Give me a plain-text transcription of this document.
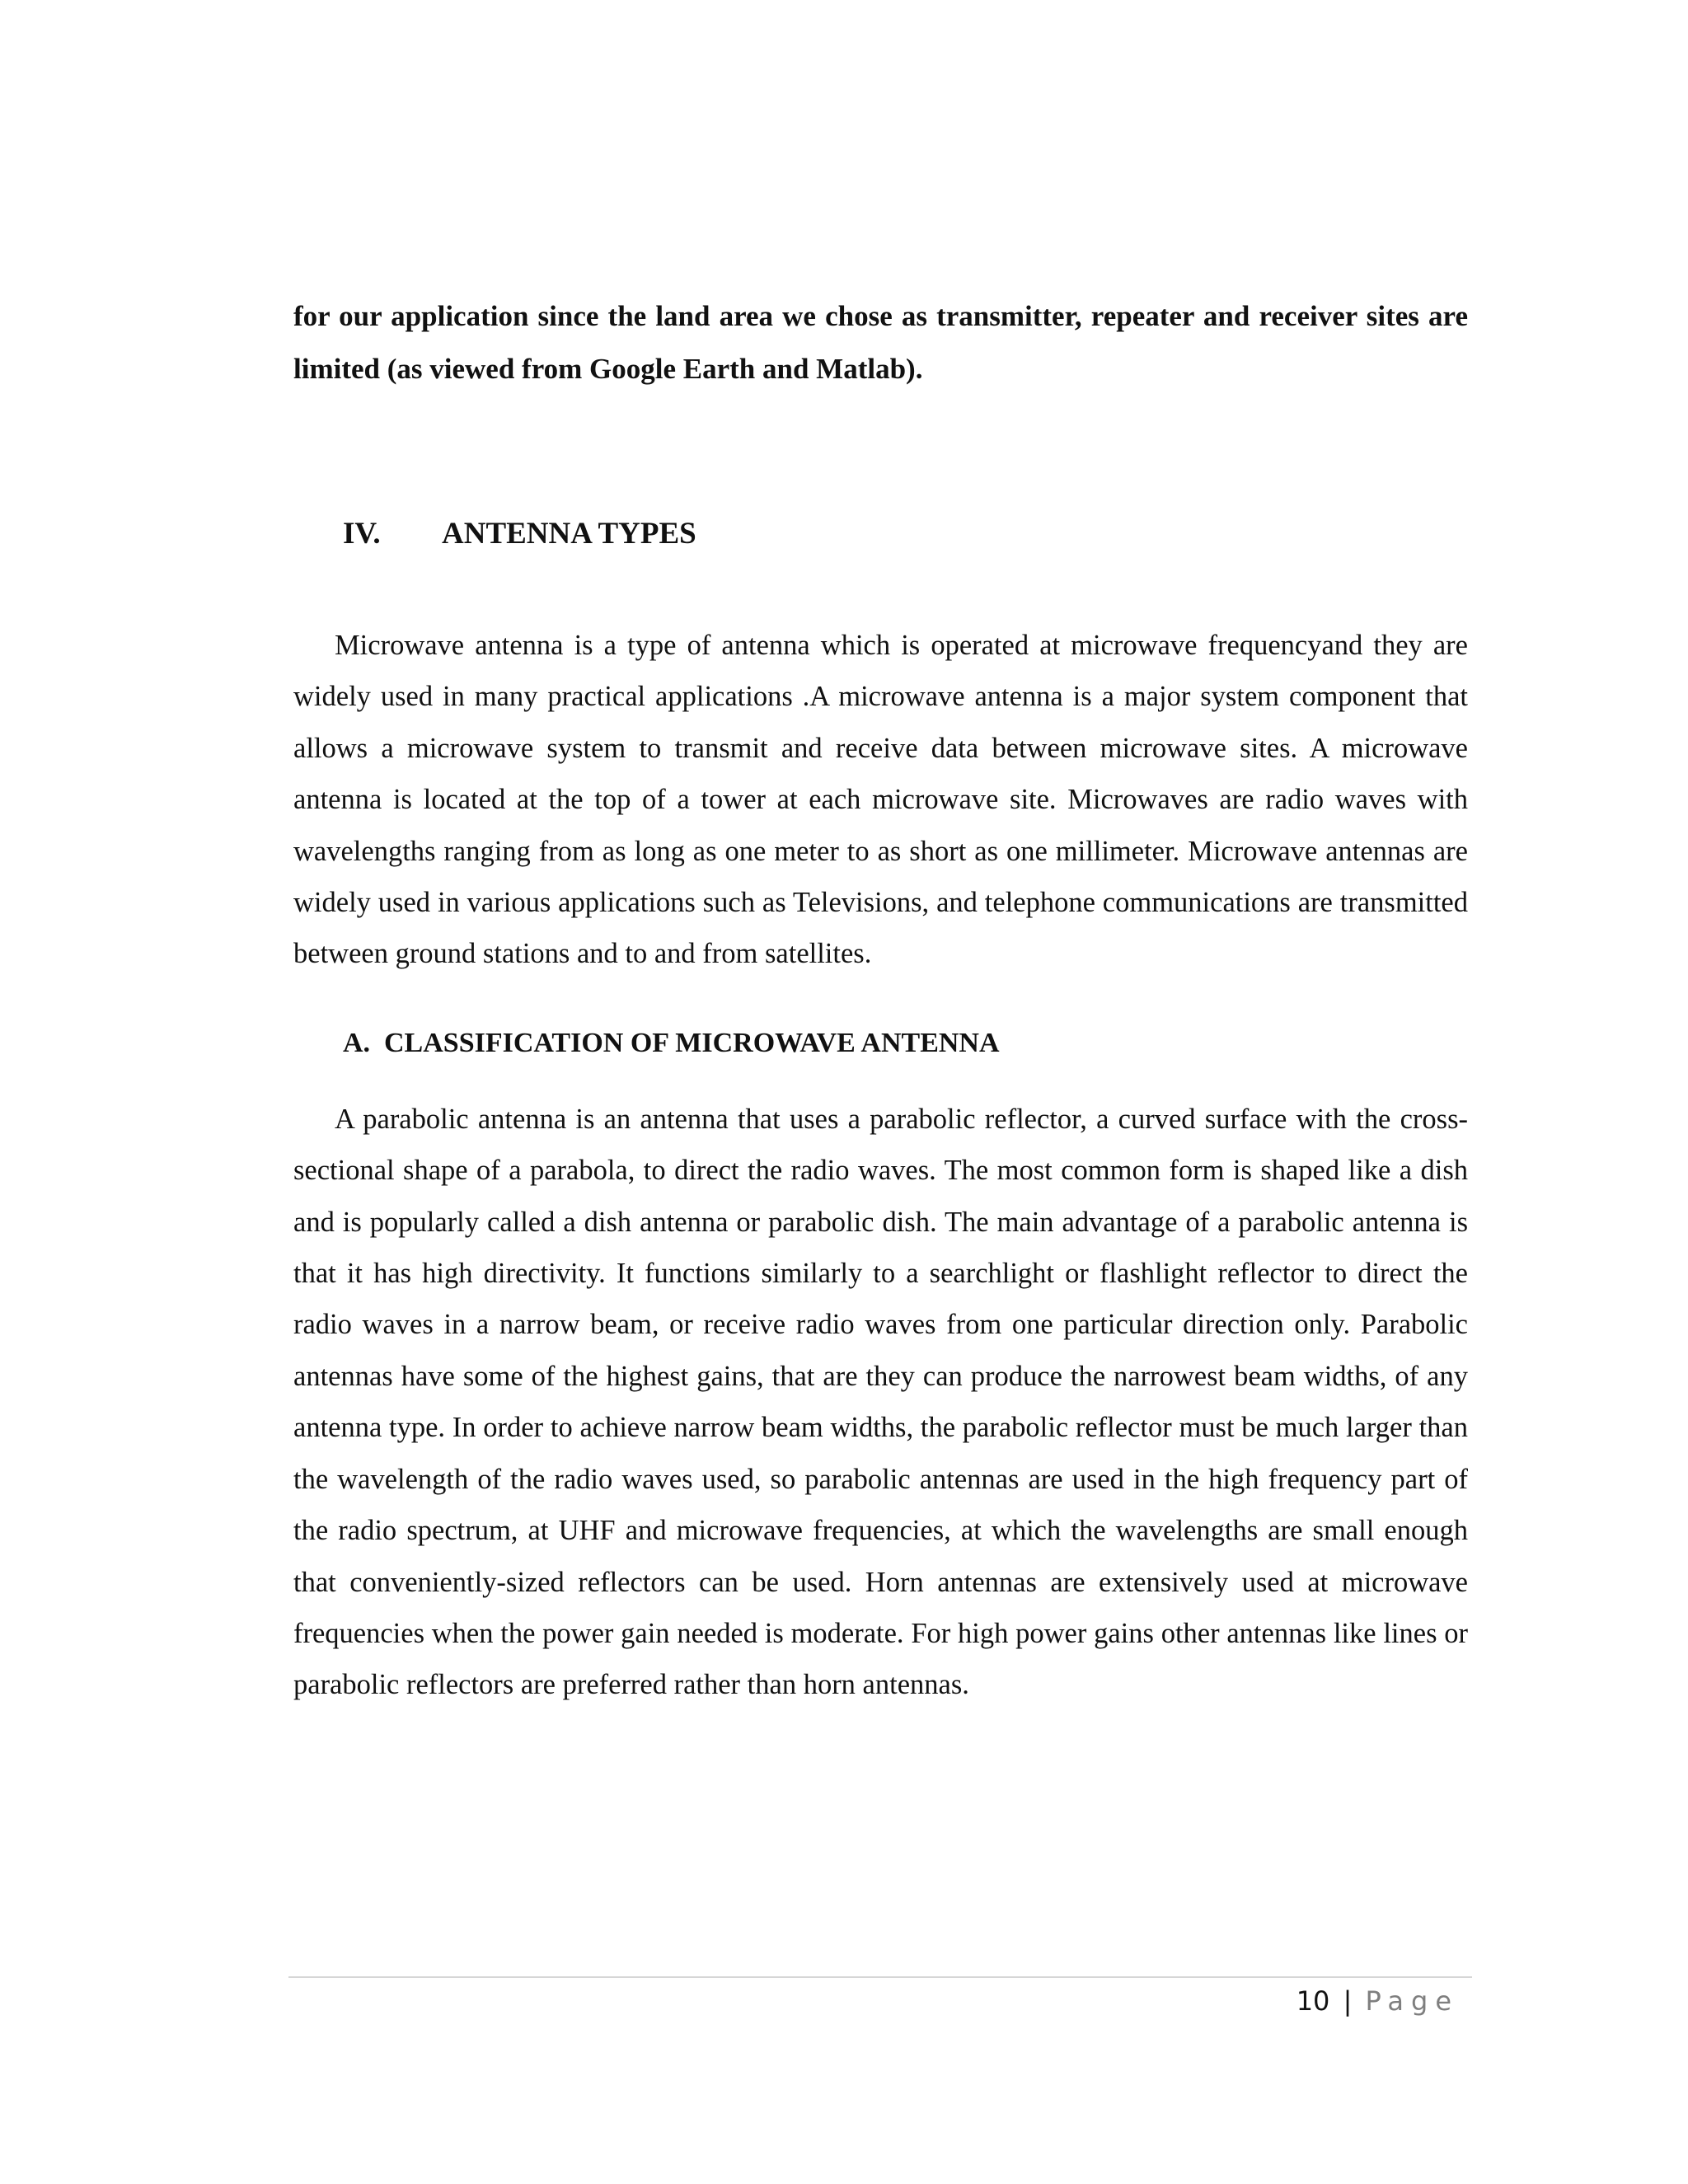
for our application since the land area we chose as transmitter, repeater and receiver sites are limited (as viewed from Google Earth and Matlab).

IV.	ANTENNA TYPES

Microwave antenna is a type of antenna which is operated at microwave frequencyand they are widely used in many practical applications .A microwave antenna is a major system component that allows a microwave system to transmit and receive data between microwave sites. A microwave antenna is located at the top of a tower at each microwave site. Microwaves are radio waves with wavelengths ranging from as long as one meter to as short as one millimeter. Microwave antennas are widely used in various applications such as Televisions, and telephone communications are transmitted between ground stations and to and from satellites.

A. CLASSIFICATION OF MICROWAVE ANTENNA

A parabolic antenna is an antenna that uses a parabolic reflector, a curved surface with the cross-sectional shape of a parabola, to direct the radio waves. The most common form is shaped like a dish and is popularly called a dish antenna or parabolic dish. The main advantage of a parabolic antenna is that it has high directivity. It functions similarly to a searchlight or flashlight reflector to direct the radio waves in a narrow beam, or receive radio waves from one particular direction only. Parabolic antennas have some of the highest gains, that are they can produce the narrowest beam widths, of any antenna type. In order to achieve narrow beam widths, the parabolic reflector must be much larger than the wavelength of the radio waves used, so parabolic antennas are used in the high frequency part of the radio spectrum, at UHF and microwave frequencies, at which the wavelengths are small enough that conveniently-sized reflectors can be used. Horn antennas are extensively used at microwave frequencies when the power gain needed is moderate. For high power gains other antennas like lines or parabolic reflectors are preferred rather than horn antennas.

10 | Page
